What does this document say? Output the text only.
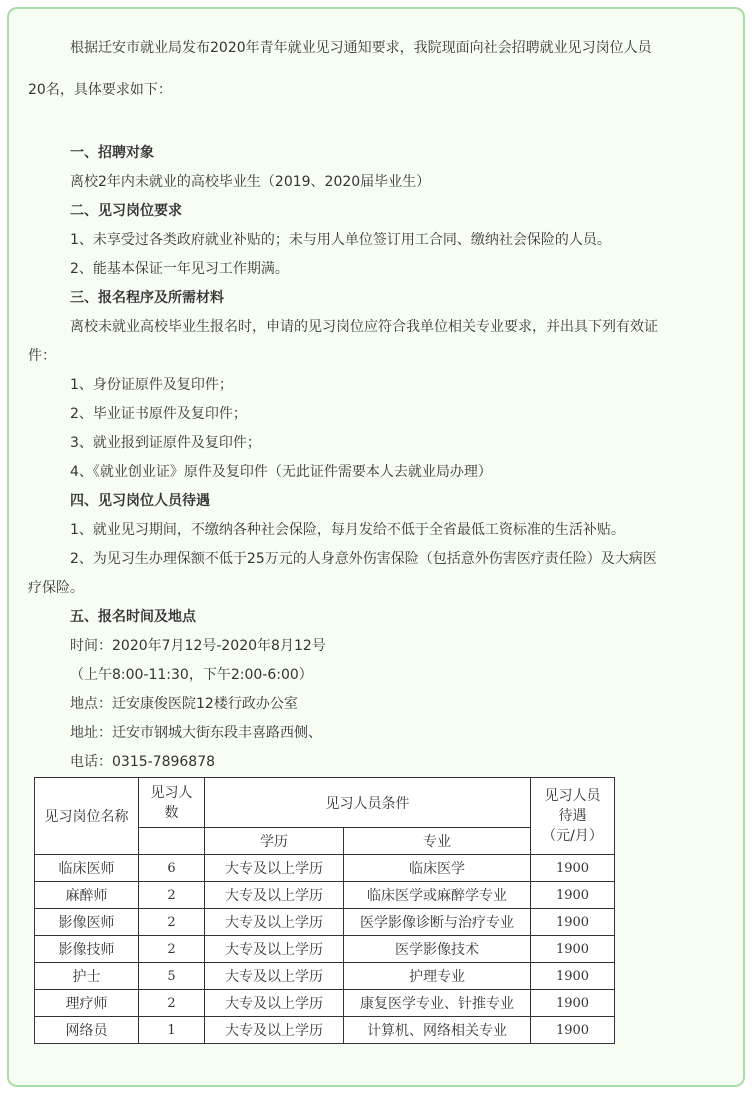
根据迁安市就业局发布2020年青年就业见习通知要求，我院现面向社会招聘就业见习岗位人员
20名，具体要求如下：
一、招聘对象
离校2年内未就业的高校毕业生（2019、2020届毕业生）
二、见习岗位要求
1、未享受过各类政府就业补贴的；未与用人单位签订用工合同、缴纳社会保险的人员。
2、能基本保证一年见习工作期满。
三、报名程序及所需材料
离校未就业高校毕业生报名时，申请的见习岗位应符合我单位相关专业要求，并出具下列有效证
件：
1、身份证原件及复印件；
2、毕业证书原件及复印件；
3、就业报到证原件及复印件；
4、《就业创业证》原件及复印件（无此证件需要本人去就业局办理）
四、见习岗位人员待遇
1、就业见习期间，不缴纳各种社会保险，每月发给不低于全省最低工资标准的生活补贴。
2、为见习生办理保额不低于25万元的人身意外伤害保险（包括意外伤害医疗责任险）及大病医
疗保险。
五、报名时间及地点
时间：2020年7月12号-2020年8月12号
（上午8:00-11:30，下午2:00-6:00）
地点：迁安康俊医院12楼行政办公室
地址：迁安市钢城大街东段丰喜路西侧、
电话：0315-7896878
见习岗位名称	见习人
数	见习人员条件		见习人员
待遇
（元/月）
		学历	专业	
临床医师	6	大专及以上学历	临床医学	1900
麻醉师	2	大专及以上学历	临床医学或麻醉学专业	1900
影像医师	2	大专及以上学历	医学影像诊断与治疗专业	1900
影像技师	2	大专及以上学历	医学影像技术	1900
护士	5	大专及以上学历	护理专业	1900
理疗师	2	大专及以上学历	康复医学专业、针推专业	1900
网络员	1	大专及以上学历	计算机、网络相关专业	1900
